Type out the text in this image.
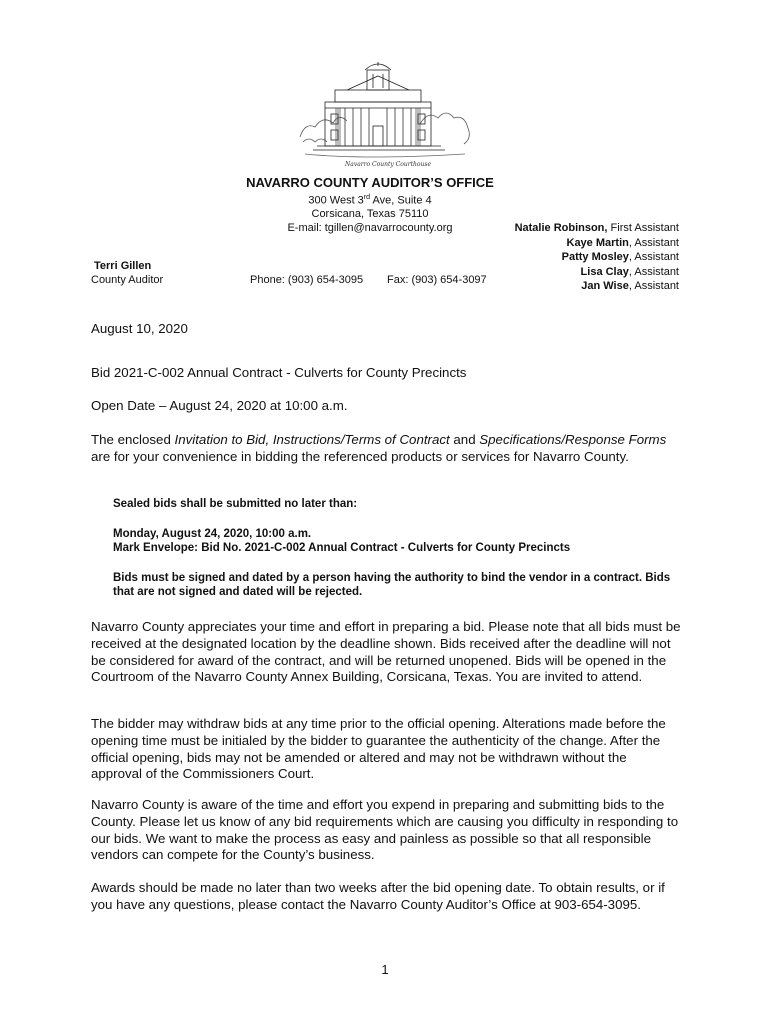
Navarro County Courthouse
NAVARRO COUNTY AUDITOR’S OFFICE
300 West 3rd Ave, Suite 4
Corsicana, Texas 75110
E-mail: tgillen@navarrocounty.org
Terri Gillen
County Auditor	Phone: (903) 654-3095 Fax: (903) 654-3097
Natalie Robinson, First Assistant
Kaye Martin, Assistant
Patty Mosley, Assistant
Lisa Clay, Assistant
Jan Wise, Assistant
August 10, 2020
Bid 2021-C-002 Annual Contract - Culverts for County Precincts
Open Date – August 24, 2020 at 10:00 a.m.
The enclosed Invitation to Bid, Instructions/Terms of Contract and Specifications/Response Forms are for your convenience in bidding the referenced products or services for Navarro County.
Sealed bids shall be submitted no later than:
Monday, August 24, 2020, 10:00 a.m.
Mark Envelope: Bid No. 2021-C-002 Annual Contract - Culverts for County Precincts
Bids must be signed and dated by a person having the authority to bind the vendor in a contract. Bids that are not signed and dated will be rejected.
Navarro County appreciates your time and effort in preparing a bid. Please note that all bids must be received at the designated location by the deadline shown. Bids received after the deadline will not be considered for award of the contract, and will be returned unopened. Bids will be opened in the Courtroom of the Navarro County Annex Building, Corsicana, Texas. You are invited to attend.
The bidder may withdraw bids at any time prior to the official opening. Alterations made before the opening time must be initialed by the bidder to guarantee the authenticity of the change. After the official opening, bids may not be amended or altered and may not be withdrawn without the approval of the Commissioners Court.
Navarro County is aware of the time and effort you expend in preparing and submitting bids to the County. Please let us know of any bid requirements which are causing you difficulty in responding to our bids. We want to make the process as easy and painless as possible so that all responsible vendors can compete for the County’s business.
Awards should be made no later than two weeks after the bid opening date. To obtain results, or if you have any questions, please contact the Navarro County Auditor’s Office at 903-654-3095.
1
